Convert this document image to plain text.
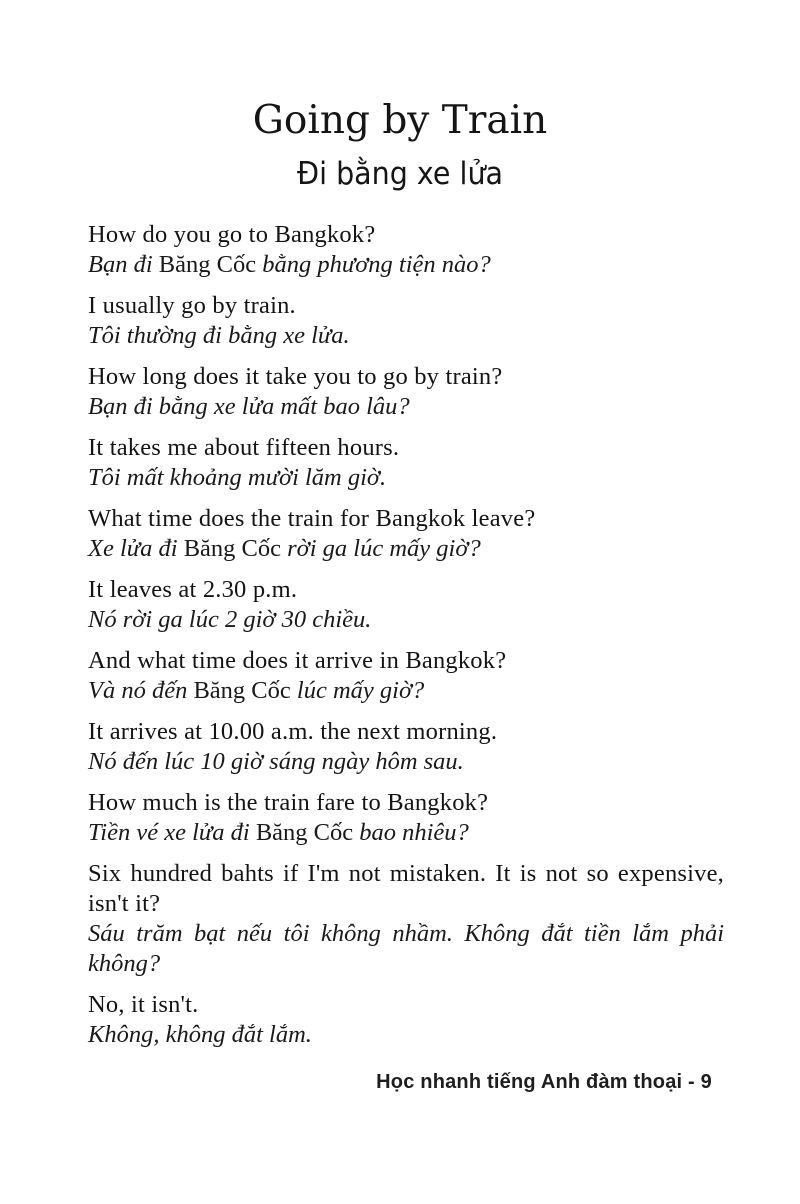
Going by Train
Đi bằng xe lửa
How do you go to Bangkok?
Bạn đi Băng Cốc bằng phương tiện nào?
I usually go by train.
Tôi thường đi bằng xe lửa.
How long does it take you to go by train?
Bạn đi bằng xe lửa mất bao lâu?
It takes me about fifteen hours.
Tôi mất khoảng mười lăm giờ.
What time does the train for Bangkok leave?
Xe lửa đi Băng Cốc rời ga lúc mấy giờ?
It leaves at 2.30 p.m.
Nó rời ga lúc 2 giờ 30 chiều.
And what time does it arrive in Bangkok?
Và nó đến Băng Cốc lúc mấy giờ?
It arrives at 10.00 a.m. the next morning.
Nó đến lúc 10 giờ sáng ngày hôm sau.
How much is the train fare to Bangkok?
Tiền vé xe lửa đi Băng Cốc bao nhiêu?
Six hundred bahts if I'm not mistaken. It is not so expensive, isn't it?
Sáu trăm bạt nếu tôi không nhầm. Không đắt tiền lắm phải không?
No, it isn't.
Không, không đắt lắm.
Học nhanh tiếng Anh đàm thoại - 9
